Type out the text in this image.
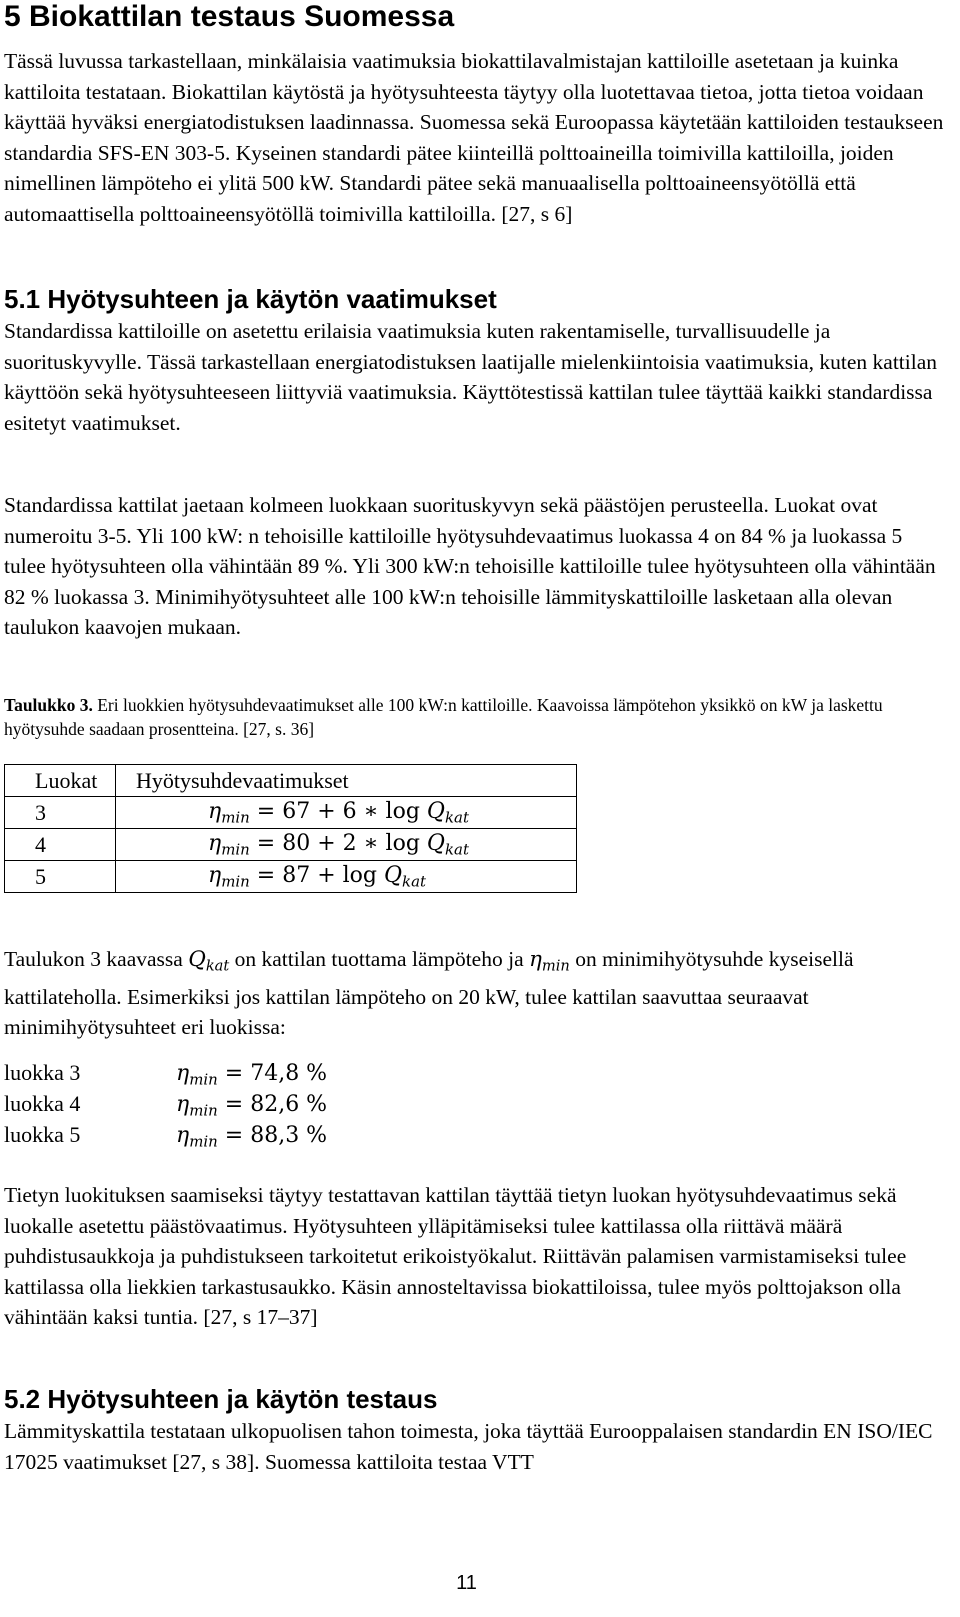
5 Biokattilan testaus Suomessa

Tässä luvussa tarkastellaan, minkälaisia vaatimuksia biokattilavalmistajan kattiloille asetetaan ja kuinka kattiloita testataan. Biokattilan käytöstä ja hyötysuhteesta täytyy olla luotettavaa tietoa, jotta tietoa voidaan käyttää hyväksi energiatodistuksen laadinnassa. Suomessa sekä Euroopassa käytetään kattiloiden testaukseen standardia SFS-EN 303-5. Kyseinen standardi pätee kiinteillä polttoaineilla toimivilla kattiloilla, joiden nimellinen lämpöteho ei ylitä 500 kW. Standardi pätee sekä manuaalisella polttoaineensyötöllä että automaattisella polttoaineensyötöllä toimivilla kattiloilla. [27, s 6]

5.1 Hyötysuhteen ja käytön vaatimukset

Standardissa kattiloille on asetettu erilaisia vaatimuksia kuten rakentamiselle, turvallisuudelle ja suorituskyvylle. Tässä tarkastellaan energiatodistuksen laatijalle mielenkiintoisia vaatimuksia, kuten kattilan käyttöön sekä hyötysuhteeseen liittyviä vaatimuksia. Käyttötestissä kattilan tulee täyttää kaikki standardissa esitetyt vaatimukset.

Standardissa kattilat jaetaan kolmeen luokkaan suorituskyvyn sekä päästöjen perusteella. Luokat ovat numeroitu 3-5. Yli 100 kW: n tehoisille kattiloille hyötysuhdevaatimus luokassa 4 on 84 % ja luokassa 5 tulee hyötysuhteen olla vähintään 89 %. Yli 300 kW:n tehoisille kattiloille tulee hyötysuhteen olla vähintään 82 % luokassa 3. Minimihyötysuhteet alle 100 kW:n tehoisille lämmityskattiloille lasketaan alla olevan taulukon kaavojen mukaan.

Taulukko 3. Eri luokkien hyötysuhdevaatimukset alle 100 kW:n kattiloille. Kaavoissa lämpötehon yksikkö on kW ja laskettu hyötysuhde saadaan prosentteina. [27, s. 36]

Luokat	Hyötysuhdevaatimukset
3	$\eta_{min} = 67 + 6$ ∗ $\log Q_{kat}$
4	$\eta_{min} = 80 + 2$ ∗ $\log Q_{kat}$
5	$\eta_{min} = 87 + \log Q_{kat}$

Taulukon 3 kaavassa $Q_{kat}$ on kattilan tuottama lämpöteho ja $\eta_{min}$ on minimihyötysuhde kyseisellä kattilateholla. Esimerkiksi jos kattilan lämpöteho on 20 kW, tulee kattilan saavuttaa seuraavat minimihyötysuhteet eri luokissa:

luokka 3	$\eta_{min} = 74,8$ %
luokka 4	$\eta_{min} = 82,6$ %
luokka 5	$\eta_{min} = 88,3$ %

Tietyn luokituksen saamiseksi täytyy testattavan kattilan täyttää tietyn luokan hyötysuhdevaatimus sekä luokalle asetettu päästövaatimus. Hyötysuhteen ylläpitämiseksi tulee kattilassa olla riittävä määrä puhdistusaukkoja ja puhdistukseen tarkoitetut erikoistyökalut. Riittävän palamisen varmistamiseksi tulee kattilassa olla liekkien tarkastusaukko. Käsin annosteltavissa biokattiloissa, tulee myös polttojakson olla vähintään kaksi tuntia. [27, s 17–37]

5.2 Hyötysuhteen ja käytön testaus

Lämmityskattila testataan ulkopuolisen tahon toimesta, joka täyttää Eurooppalaisen standardin EN ISO/IEC 17025 vaatimukset [27, s 38]. Suomessa kattiloita testaa VTT

11
